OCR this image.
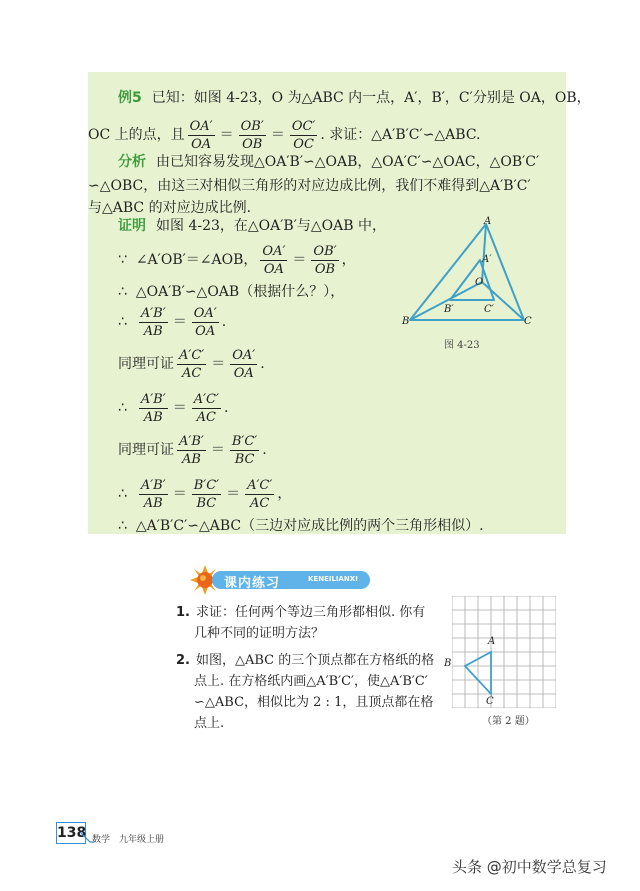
例5 已知：如图 4-23，O 为△ABC 内一点，A′，B′，C′分别是 OA，OB，
OC 上的点，且 $\frac{OA'}{OA} = \frac{OB'}{OB} = \frac{OC'}{OC}$ . 求证：△A′B′C′∽△ABC.
分析 由已知容易发现△OA′B′∽△OAB，△OA′C′∽△OAC，△OB′C′
∽△OBC，由这三对相似三角形的对应边成比例，我们不难得到△A′B′C′
与△ABC 的对应边成比例.
证明 如图 4-23，在△OA′B′与△OAB 中，
∵ ∠A′OB′＝∠AOB， $\frac{OA'}{OA} = \frac{OB'}{OB}$ ，
∴ △OA′B′∽△OAB（根据什么？），
∴ $\frac{A'B'}{AB} = \frac{OA'}{OA}$ .
同理可证 $\frac{A'C'}{AC} = \frac{OA'}{OA}$ .
∴ $\frac{A'B'}{AB} = \frac{A'C'}{AC}$ .
同理可证 $\frac{A'B'}{AB} = \frac{B'C'}{BC}$ .
∴ $\frac{A'B'}{AB} = \frac{B'C'}{BC} = \frac{A'C'}{AC}$ ，
∴ △A′B′C′∽△ABC（三边对应成比例的两个三角形相似）.
A
A′
O
B′	C′
B	C
图 4-23
课内练习	KENEILIANXI
1. 求证：任何两个等边三角形都相似. 你有
几种不同的证明方法？
2. 如图，△ABC 的三个顶点都在方格纸的格
点上. 在方格纸内画△A′B′C′，使△A′B′C′
∽△ABC，相似比为 2 : 1，且顶点都在格
点上.
A
B
C
（第 2 题）
138 数学　九年级上册
头条 @初中数学总复习
